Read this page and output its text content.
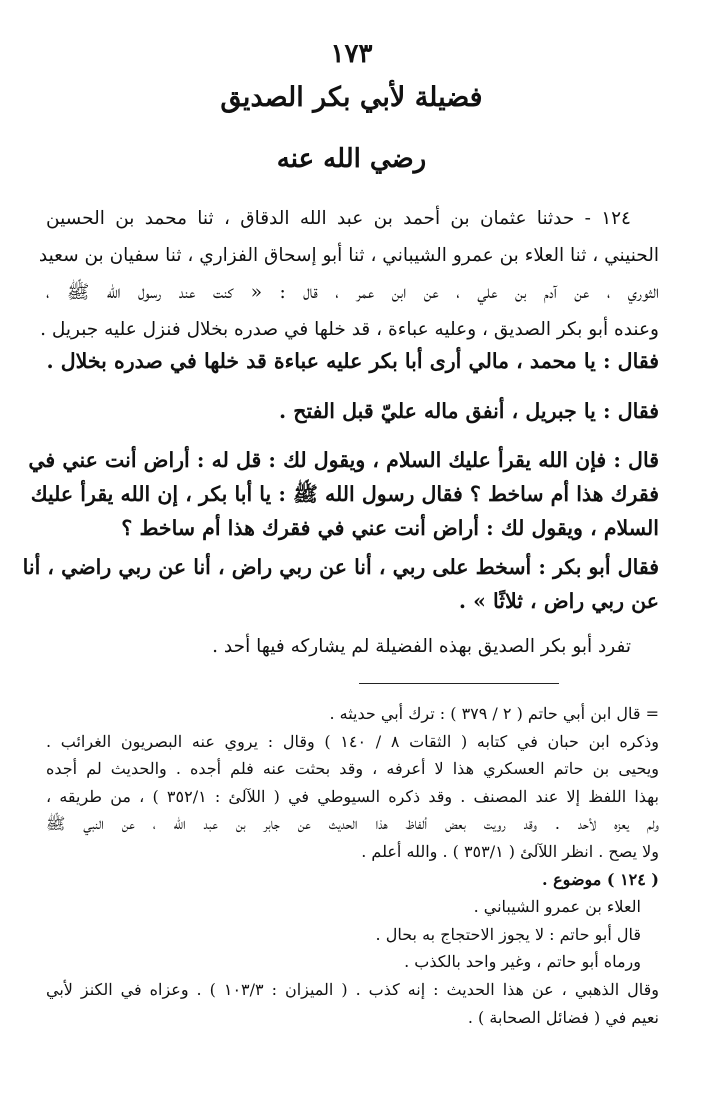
١٧٣
فضيلة لأبي بكر الصديق
رضي الله عنه
١٢٤ - حدثنا عثمان بن أحمد بن عبد الله الدقاق ، ثنا محمد بن الحسين
الحنيني ، ثنا العلاء بن عمرو الشيباني ، ثنا أبو إسحاق الفزاري ، ثنا سفيان بن سعيد
الثوري ، عن آدم بن علي ، عن ابن عمر ، قال : « كنت عند رسول الله ﷺ ،
وعنده أبو بكر الصديق ، وعليه عباءة ، قد خلها في صدره بخلال فنزل عليه جبريل .
فقال : يا محمد ، مالي أرى أبا بكر عليه عباءة قد خلها في صدره بخلال .
فقال : يا جبريل ، أنفق ماله عليّ قبل الفتح .
قال : فإن الله يقرأ عليك السلام ، ويقول لك : قل له : أراض أنت عني في
فقرك هذا أم ساخط ؟ فقال رسول الله ﷺ : يا أبا بكر ، إن الله يقرأ عليك
السلام ، ويقول لك : أراض أنت عني في فقرك هذا أم ساخط ؟
فقال أبو بكر : أسخط على ربي ، أنا عن ربي راض ، أنا عن ربي راضي ، أنا
عن ربي راض ، ثلاثًا » .
تفرد أبو بكر الصديق بهذه الفضيلة لم يشاركه فيها أحد .
= قال ابن أبي حاتم ( ٢ / ٣٧٩ ) : ترك أبي حديثه .
وذكره ابن حبان في كتابه ( الثقات ٨ / ١٤٠ ) وقال : يروي عنه البصريون الغرائب .
ويحيى بن حاتم العسكري هذا لا أعرفه ، وقد بحثت عنه فلم أجده . والحديث لم أجده
بهذا اللفظ إلا عند المصنف . وقد ذكره السيوطي في ( اللآلئ : ٣٥٢/١ ) ، من طريقه ،
ولم يعزه لأحد . وقد رويت بعض ألفاظ هذا الحديث عن جابر بن عبد الله ، عن النبي ﷺ
ولا يصح . انظر اللآلئ ( ٣٥٣/١ ) . والله أعلم .
( ١٢٤ ) موضوع .
العلاء بن عمرو الشيباني .
قال أبو حاتم : لا يجوز الاحتجاج به بحال .
ورماه أبو حاتم ، وغير واحد بالكذب .
وقال الذهبي ، عن هذا الحديث : إنه كذب . ( الميزان : ١٠٣/٣ ) . وعزاه في الكنز لأبي
نعيم في ( فضائل الصحابة ) .
